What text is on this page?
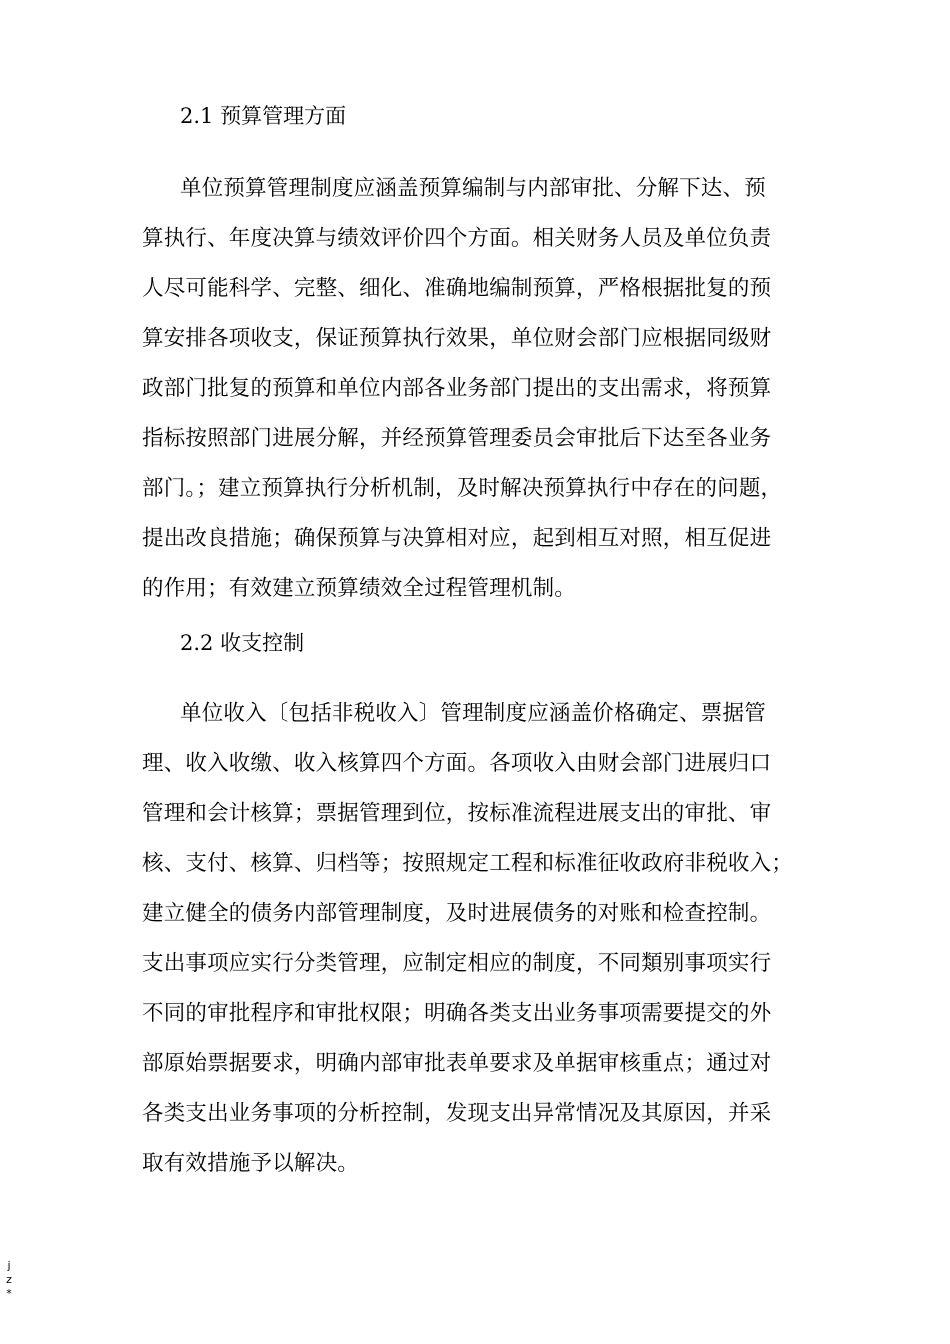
2.1 预算管理方面
单位预算管理制度应涵盖预算编制与内部审批、分解下达、预
算执行、年度决算与绩效评价四个方面。相关财务人员及单位负责
人尽可能科学、完整、细化、准确地编制预算，严格根据批复的预
算安排各项收支，保证预算执行效果，单位财会部门应根据同级财
政部门批复的预算和单位内部各业务部门提出的支出需求，将预算
指标按照部门进展分解，并经预算管理委员会审批后下达至各业务
部门。；建立预算执行分析机制，及时解决预算执行中存在的问题，
提出改良措施；确保预算与决算相对应，起到相互对照，相互促进
的作用；有效建立预算绩效全过程管理机制。
2.2 收支控制
单位收入〔包括非税收入〕管理制度应涵盖价格确定、票据管
理、收入收缴、收入核算四个方面。各项收入由财会部门进展归口
管理和会计核算；票据管理到位，按标准流程进展支出的审批、审
核、支付、核算、归档等；按照规定工程和标准征收政府非税收入；
建立健全的债务内部管理制度，及时进展债务的对账和检查控制。
支出事项应实行分类管理，应制定相应的制度，不同類别事项实行
不同的审批程序和审批权限；明确各类支出业务事项需要提交的外
部原始票据要求，明确内部审批表单要求及单据审核重点；通过对
各类支出业务事项的分析控制，发现支出异常情况及其原因，并采
取有效措施予以解决。
j
z
*
